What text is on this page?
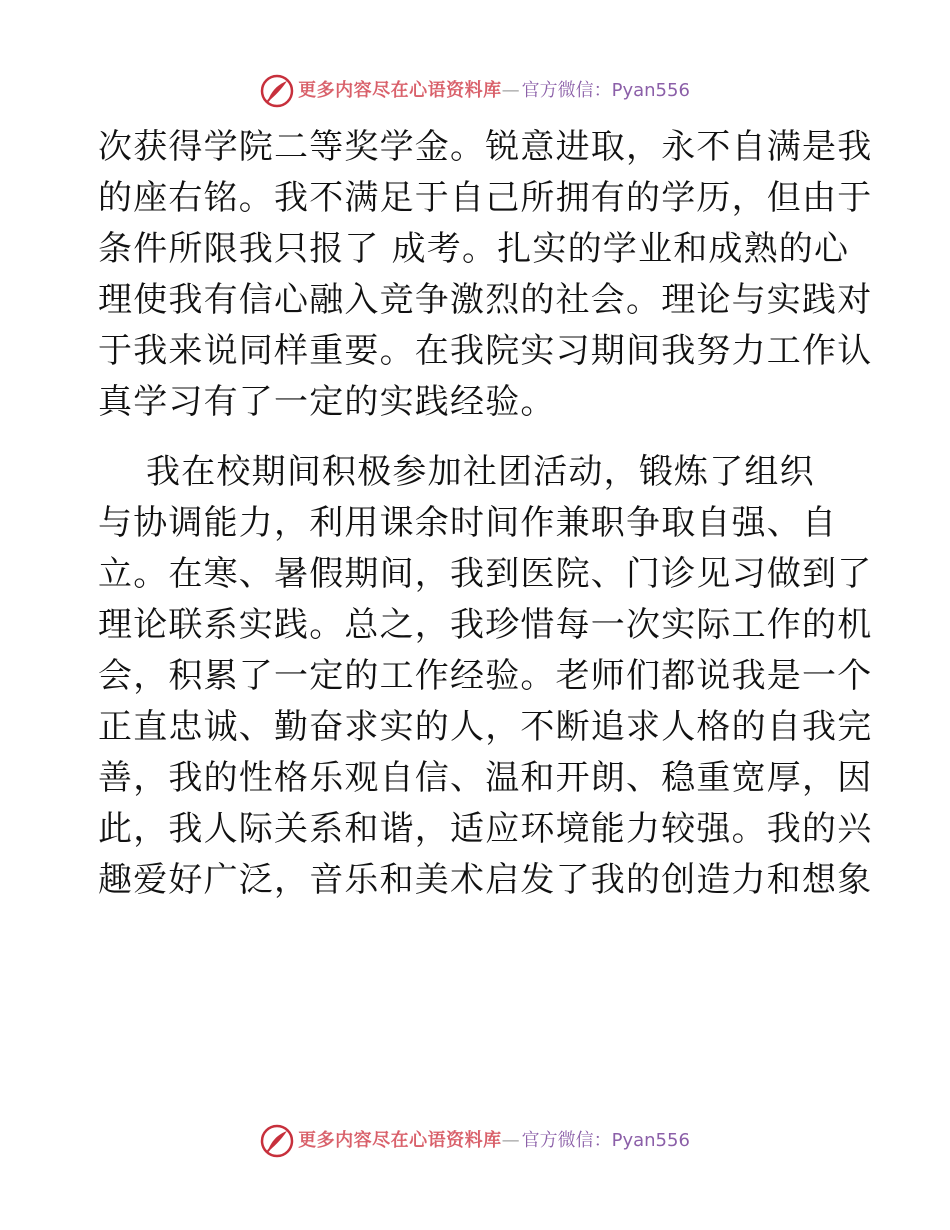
更多内容尽在心语资料库 — 官方微信：Pyan556
次获得学院二等奖学金。锐意进取，永不自满是我
的座右铭。我不满足于自己所拥有的学历，但由于
条件所限我只报了 成考。扎实的学业和成熟的心
理使我有信心融入竞争激烈的社会。理论与实践对
于我来说同样重要。在我院实习期间我努力工作认
真学习有了一定的实践经验。
我在校期间积极参加社团活动，锻炼了组织
与协调能力，利用课余时间作兼职争取自强、自
立。在寒、暑假期间，我到医院、门诊见习做到了
理论联系实践。总之，我珍惜每一次实际工作的机
会，积累了一定的工作经验。老师们都说我是一个
正直忠诚、勤奋求实的人，不断追求人格的自我完
善，我的性格乐观自信、温和开朗、稳重宽厚，因
此，我人际关系和谐，适应环境能力较强。我的兴
趣爱好广泛，音乐和美术启发了我的创造力和想象
更多内容尽在心语资料库 — 官方微信：Pyan556
